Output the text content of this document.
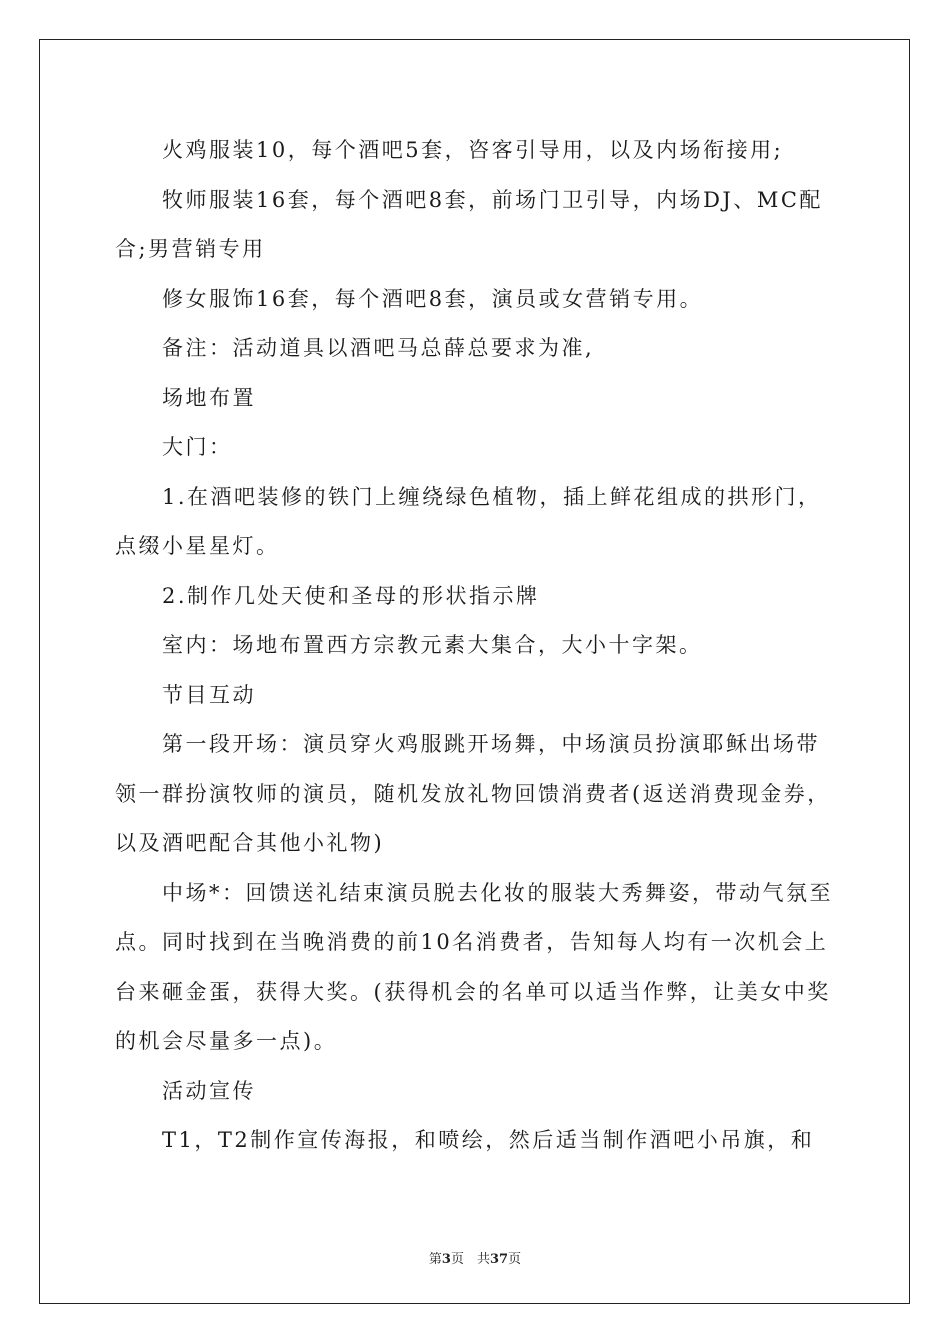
火鸡服装10，每个酒吧5套，咨客引导用，以及内场衔接用;

牧师服装16套，每个酒吧8套，前场门卫引导，内场DJ、MC配合;男营销专用

修女服饰16套，每个酒吧8套，演员或女营销专用。

备注：活动道具以酒吧马总薛总要求为准,

场地布置

大门：

1.在酒吧装修的铁门上缠绕绿色植物，插上鲜花组成的拱形门，点缀小星星灯。

2.制作几处天使和圣母的形状指示牌

室内：场地布置西方宗教元素大集合，大小十字架。

节目互动

第一段开场：演员穿火鸡服跳开场舞，中场演员扮演耶稣出场带领一群扮演牧师的演员，随机发放礼物回馈消费者(返送消费现金券，以及酒吧配合其他小礼物)

中场*：回馈送礼结束演员脱去化妆的服装大秀舞姿，带动气氛至点。同时找到在当晚消费的前10名消费者，告知每人均有一次机会上台来砸金蛋，获得大奖。(获得机会的名单可以适当作弊，让美女中奖的机会尽量多一点)。

活动宣传

T1，T2制作宣传海报，和喷绘，然后适当制作酒吧小吊旗，和

第3页　共37页
